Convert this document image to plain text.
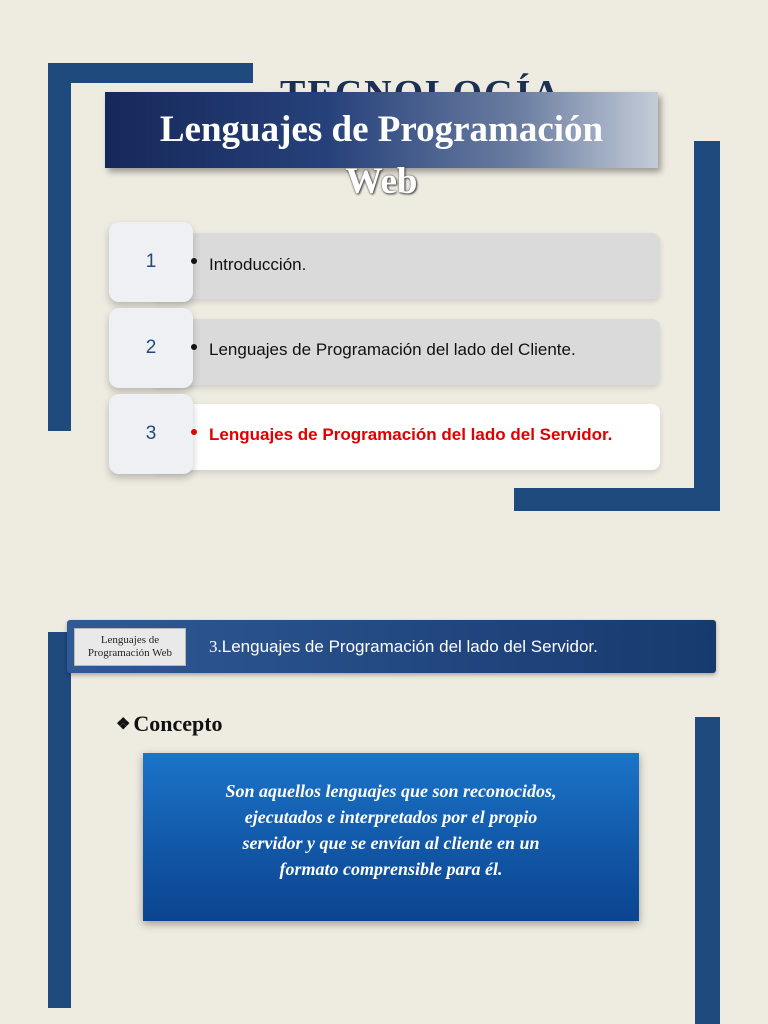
Lenguajes de Programación
Web
1	Introducción.
2	Lenguajes de Programación del lado del Cliente.
3	Lenguajes de Programación del lado del Servidor.
Lenguajes de
Programación Web	3.Lenguajes de Programación del lado del Servidor.
❖ Concepto
Son aquellos lenguajes que son reconocidos,
ejecutados e interpretados por el propio
servidor y que se envían al cliente en un
formato comprensible para él.
